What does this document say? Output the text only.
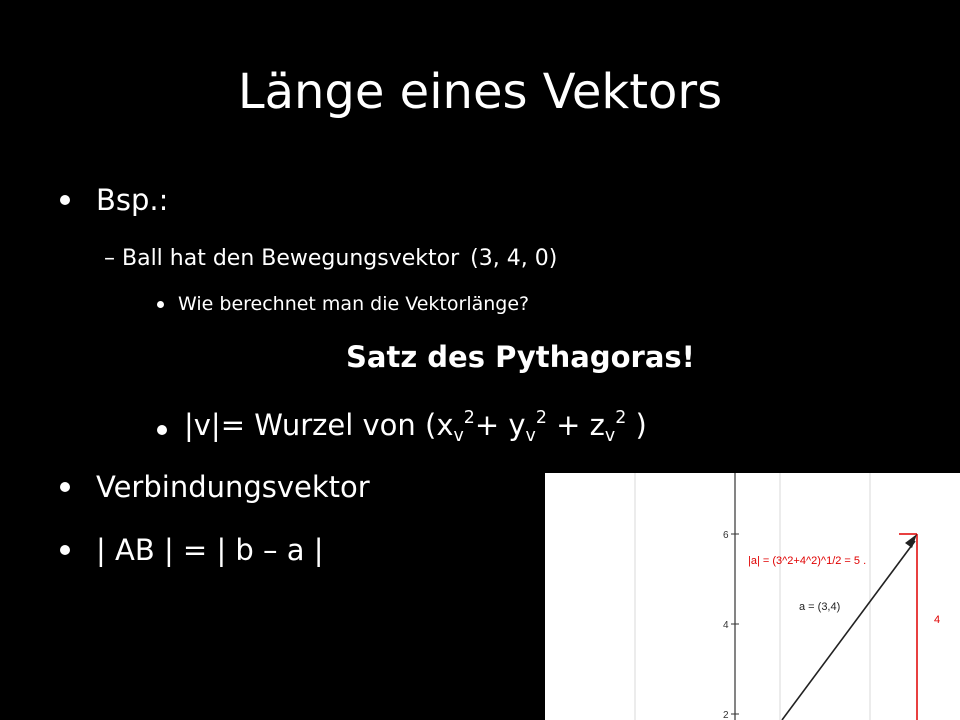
Länge eines Vektors
Bsp.:
– Ball hat den Bewegungsvektor (3, 4, 0)
Wie berechnet man die Vektorlänge?
Satz des Pythagoras!
|v|= Wurzel von ($x_v^2+ y_v^2 + z_v^2$ )
Verbindungsvektor
| AB | = | b – a |	6
4
2
|a| = (3^2+4^2)^1/2 = 5 .
a = (3,4)
4
